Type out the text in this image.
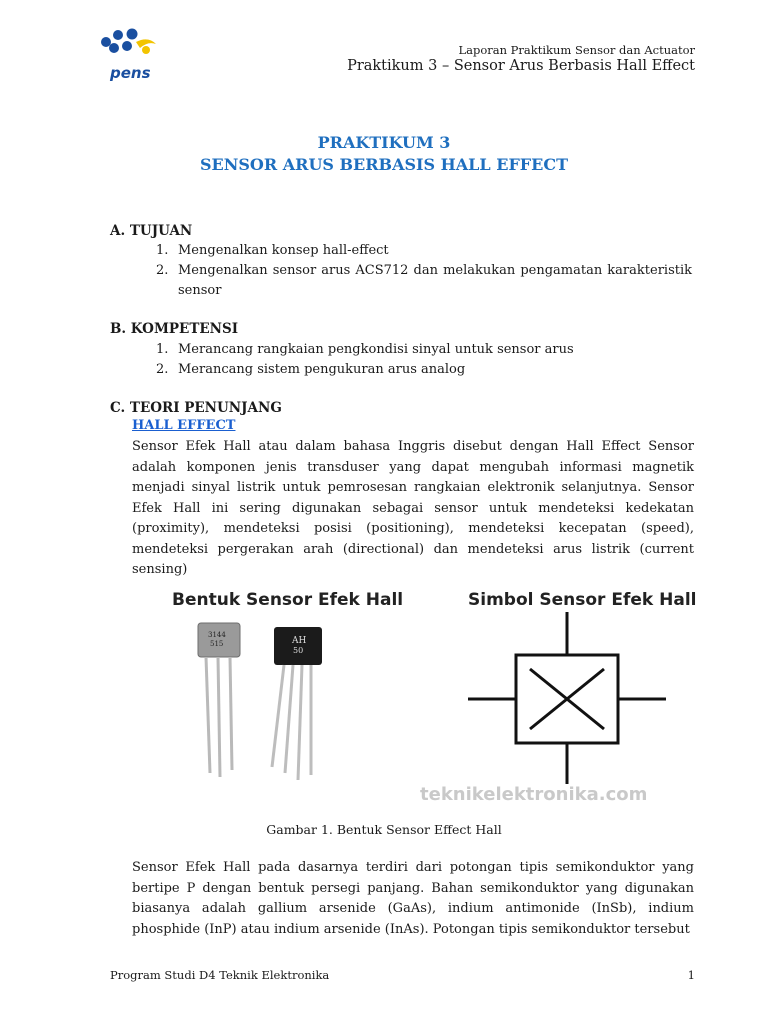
pens
Laporan Praktikum Sensor dan Actuator
Praktikum 3 – Sensor Arus Berbasis Hall Effect
PRAKTIKUM 3
SENSOR ARUS BERBASIS HALL EFFECT
A. TUJUAN
1. Mengenalkan konsep hall-effect
2. Mengenalkan sensor arus ACS712 dan melakukan pengamatan karakteristik sensor
B. KOMPETENSI
1. Merancang rangkaian pengkondisi sinyal untuk sensor arus
2. Merancang sistem pengukuran arus analog
C. TEORI PENUNJANG
HALL EFFECT
Sensor Efek Hall atau dalam bahasa Inggris disebut dengan Hall Effect Sensor adalah komponen jenis transduser yang dapat mengubah informasi magnetik menjadi sinyal listrik untuk pemrosesan rangkaian elektronik selanjutnya. Sensor Efek Hall ini sering digunakan sebagai sensor untuk mendeteksi kedekatan (proximity), mendeteksi posisi (positioning), mendeteksi kecepatan (speed), mendeteksi pergerakan arah (directional) dan mendeteksi arus listrik (current sensing)
Bentuk Sensor Efek Hall	Simbol Sensor Efek Hall
3144
515	AH
50
teknikelektronika.com
Gambar 1. Bentuk Sensor Effect Hall
Sensor Efek Hall pada dasarnya terdiri dari potongan tipis semikonduktor yang bertipe P dengan bentuk persegi panjang. Bahan semikonduktor yang digunakan biasanya adalah gallium arsenide (GaAs), indium antimonide (InSb), indium phosphide (InP) atau indium arsenide (InAs). Potongan tipis semikonduktor tersebut
Program Studi D4 Teknik Elektronika	1
